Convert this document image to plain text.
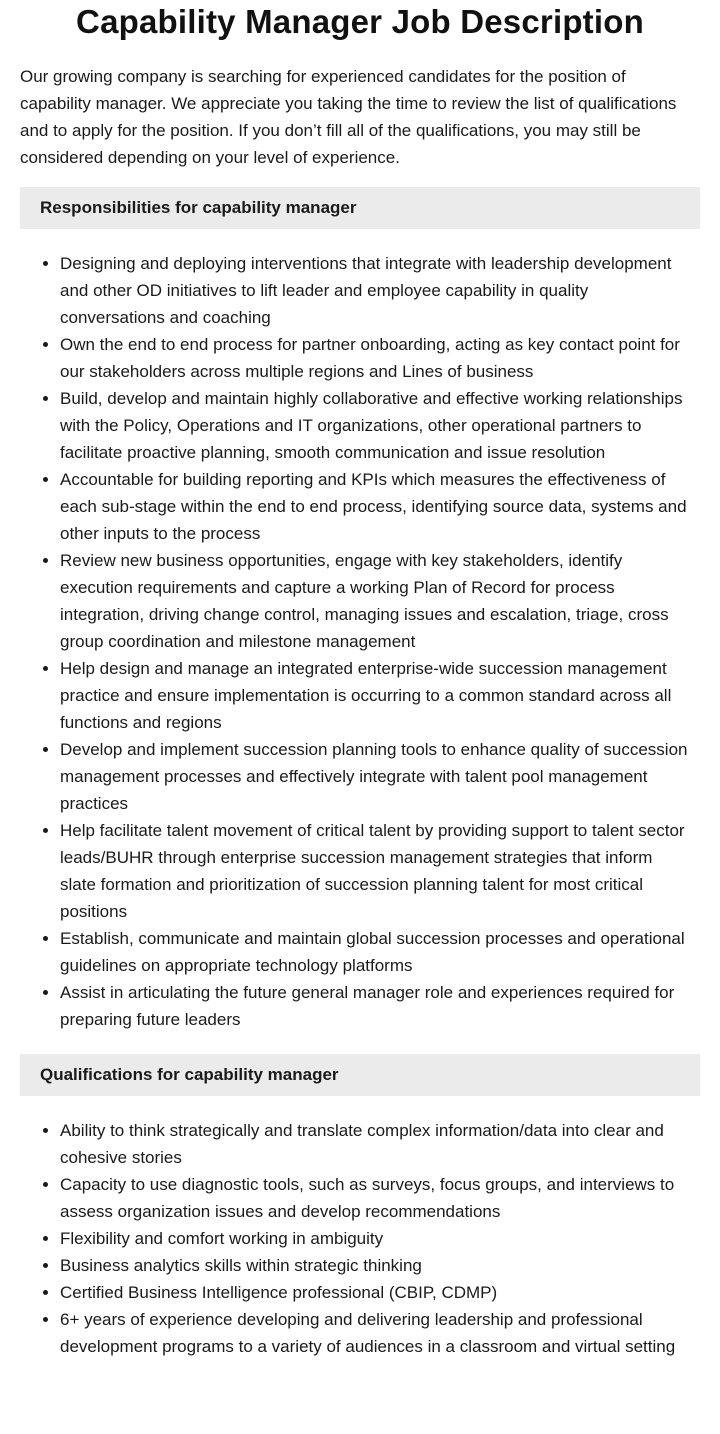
Capability Manager Job Description

Our growing company is searching for experienced candidates for the position of capability manager. We appreciate you taking the time to review the list of qualifications and to apply for the position. If you don’t fill all of the qualifications, you may still be considered depending on your level of experience.

Responsibilities for capability manager
• Designing and deploying interventions that integrate with leadership development and other OD initiatives to lift leader and employee capability in quality conversations and coaching
• Own the end to end process for partner onboarding, acting as key contact point for our stakeholders across multiple regions and Lines of business
• Build, develop and maintain highly collaborative and effective working relationships with the Policy, Operations and IT organizations, other operational partners to facilitate proactive planning, smooth communication and issue resolution
• Accountable for building reporting and KPIs which measures the effectiveness of each sub-stage within the end to end process, identifying source data, systems and other inputs to the process
• Review new business opportunities, engage with key stakeholders, identify execution requirements and capture a working Plan of Record for process integration, driving change control, managing issues and escalation, triage, cross group coordination and milestone management
• Help design and manage an integrated enterprise-wide succession management practice and ensure implementation is occurring to a common standard across all functions and regions
• Develop and implement succession planning tools to enhance quality of succession management processes and effectively integrate with talent pool management practices
• Help facilitate talent movement of critical talent by providing support to talent sector leads/BUHR through enterprise succession management strategies that inform slate formation and prioritization of succession planning talent for most critical positions
• Establish, communicate and maintain global succession processes and operational guidelines on appropriate technology platforms
• Assist in articulating the future general manager role and experiences required for preparing future leaders
Qualifications for capability manager
• Ability to think strategically and translate complex information/data into clear and cohesive stories
• Capacity to use diagnostic tools, such as surveys, focus groups, and interviews to assess organization issues and develop recommendations
• Flexibility and comfort working in ambiguity
• Business analytics skills within strategic thinking
• Certified Business Intelligence professional (CBIP, CDMP)
• 6+ years of experience developing and delivering leadership and professional development programs to a variety of audiences in a classroom and virtual setting
